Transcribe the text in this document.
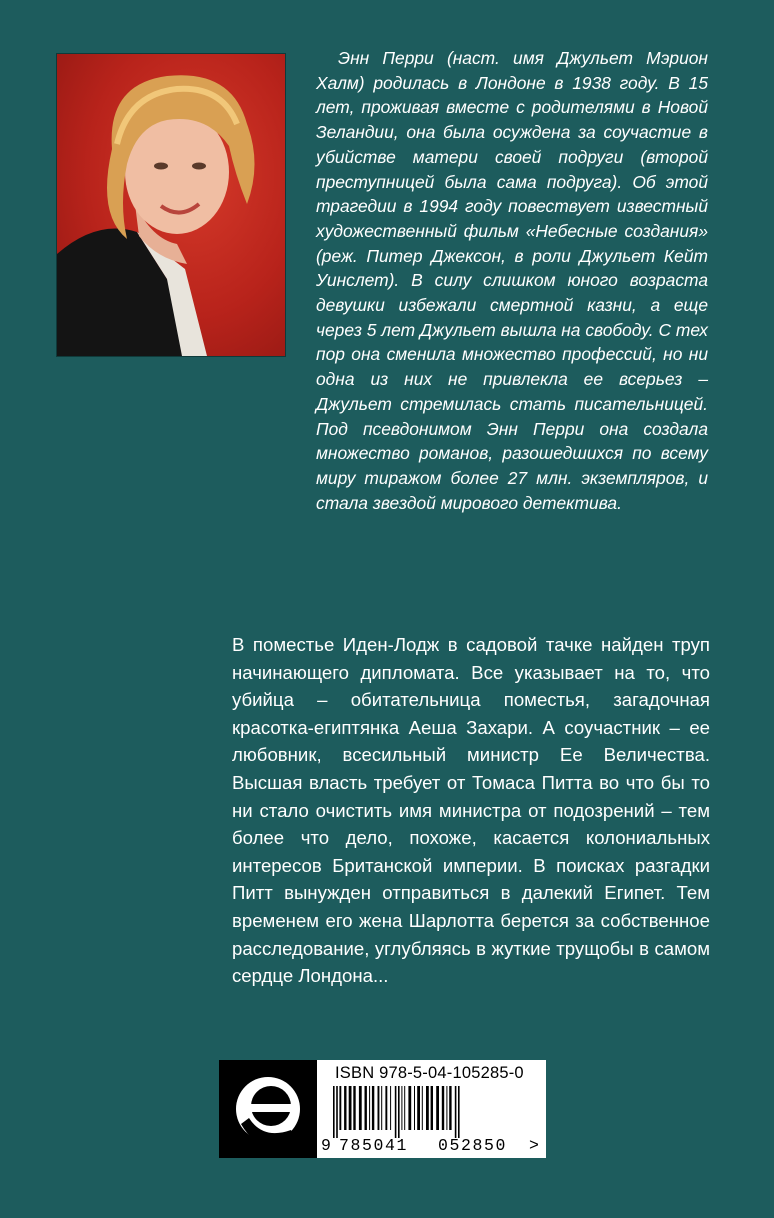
Энн Перри (наст. имя Джульет Мэрион Халм) родилась в Лондоне в 1938 году. В 15 лет, проживая вместе с родителями в Новой Зеландии, она была осуждена за соучастие в убийстве матери своей подруги (второй преступницей была сама подруга). Об этой трагедии в 1994 году повествует известный художественный фильм «Небесные создания» (реж. Питер Джексон, в роли Джульет Кейт Уинслет). В силу слишком юного возраста девушки избежали смертной казни, а еще через 5 лет Джульет вышла на свободу. С тех пор она сменила множество профессий, но ни одна из них не привлекла ее всерьез – Джульет стремилась стать писательницей. Под псевдонимом Энн Перри она создала множество романов, разошедшихся по всему миру тиражом более 27 млн. экземпляров, и стала звездой мирового детектива.

В поместье Иден-Лодж в садовой тачке найден труп начинающего дипломата. Все указывает на то, что убийца – обитательница поместья, загадочная красотка-египтянка Аеша Захари. А соучастник – ее любовник, всесильный министр Ее Величества. Высшая власть требует от Томаса Питта во что бы то ни стало очистить имя министра от подозрений – тем более что дело, похоже, касается колониальных интересов Британской империи. В поисках разгадки Питт вынужден отправиться в далекий Египет. Тем временем его жена Шарлотта берется за собственное расследование, углубляясь в жуткие трущобы в самом сердце Лондона...

ISBN 978-5-04-105285-0
9 785041 052850 >
